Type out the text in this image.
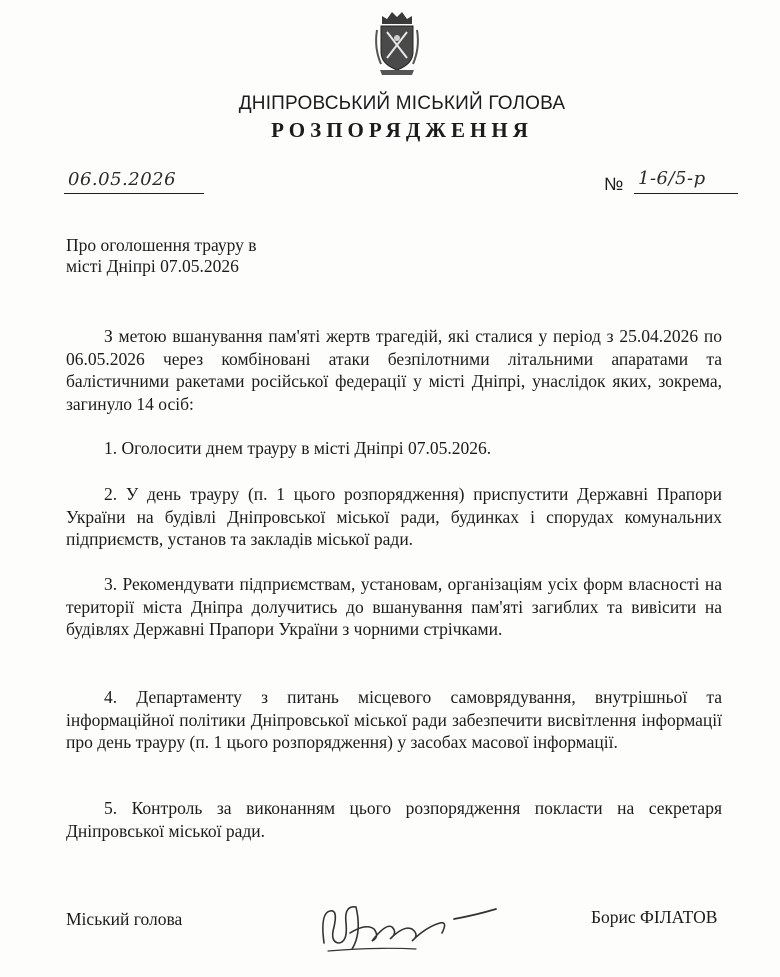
ДНІПРОВСЬКИЙ МІСЬКИЙ ГОЛОВА
РОЗПОРЯДЖЕННЯ
06.05.2026	№ 1-6/5-р
Про оголошення трауру в
місті Дніпрі 07.05.2026
З метою вшанування пам'яті жертв трагедій, які сталися у період з 25.04.2026 по 06.05.2026 через комбіновані атаки безпілотними літальними апаратами та балістичними ракетами російської федерації у місті Дніпрі, унаслідок яких, зокрема, загинуло 14 осіб:
1. Оголосити днем трауру в місті Дніпрі 07.05.2026.
2. У день трауру (п. 1 цього розпорядження) приспустити Державні Прапори України на будівлі Дніпровської міської ради, будинках і спорудах комунальних підприємств, установ та закладів міської ради.
3. Рекомендувати підприємствам, установам, організаціям усіх форм власності на території міста Дніпра долучитись до вшанування пам'яті загиблих та вивісити на будівлях Державні Прапори України з чорними стрічками.
4. Департаменту з питань місцевого самоврядування, внутрішньої та інформаційної політики Дніпровської міської ради забезпечити висвітлення інформації про день трауру (п. 1 цього розпорядження) у засобах масової інформації.
5. Контроль за виконанням цього розпорядження покласти на секретаря Дніпровської міської ради.
Міський голова	Борис ФІЛАТОВ
